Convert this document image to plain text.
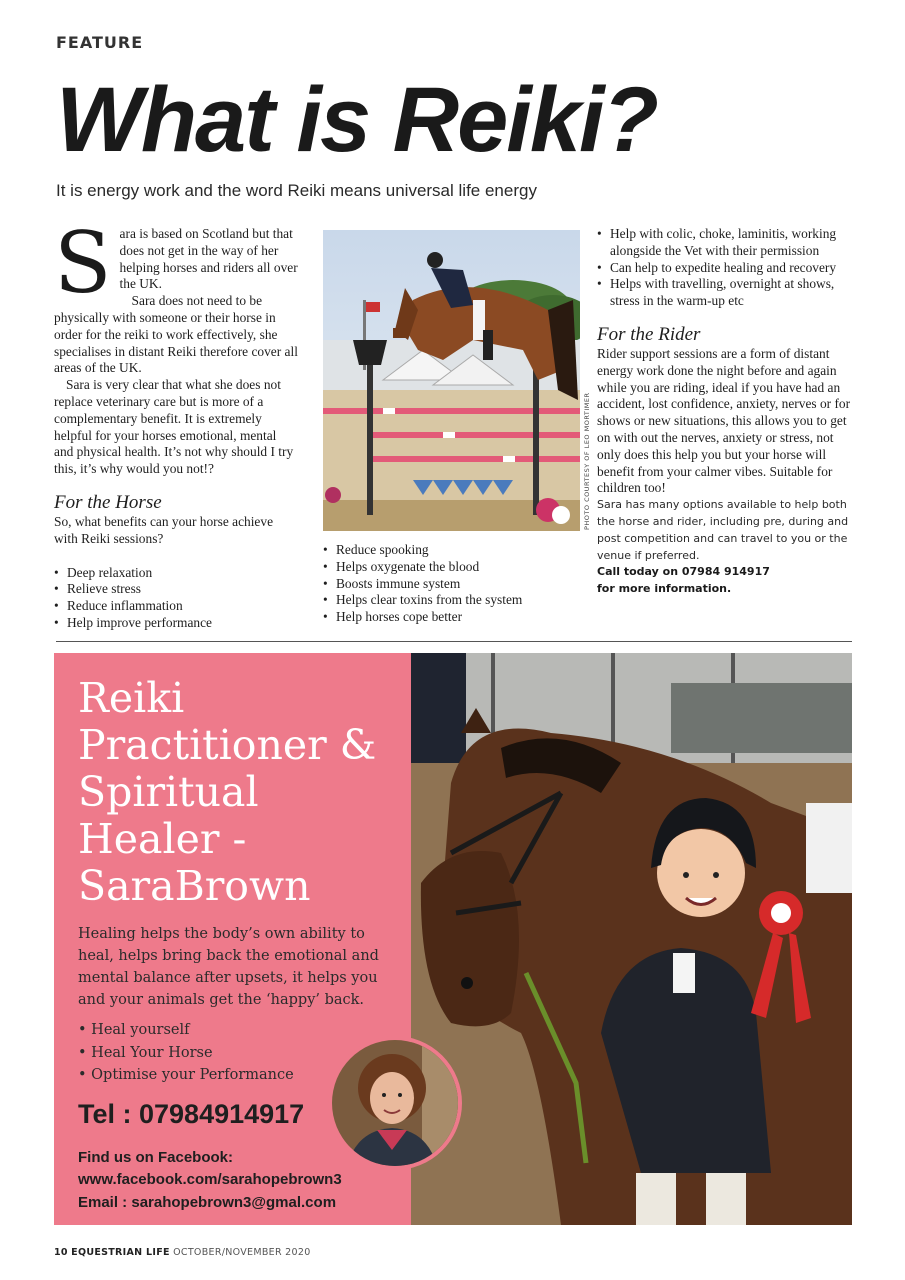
FEATURE
What is Reiki?
It is energy work and the word Reiki means universal life energy

Sara is based on Scotland but that does not get in the way of her helping horses and riders all over the UK.

Sara does not need to be physically with someone or their horse in order for the reiki to work effectively, she specialises in distant Reiki therefore cover all areas of the UK.

Sara is very clear that what she does not replace veterinary care but is more of a complementary benefit. It is extremely helpful for your horses emotional, mental and physical health. It’s not why should I try this, it’s why would you not!?

For the Horse

So, what benefits can your horse achieve with Reiki sessions?

• Deep relaxation
• Relieve stress
• Reduce inflammation
• Help improve performance
PHOTO COURTESY OF LEO MORTIMER
• Reduce spooking
• Helps oxygenate the blood
• Boosts immune system
• Helps clear toxins from the system
• Help horses cope better
• Help with colic, choke, laminitis, working alongside the Vet with their permission
• Can help to expedite healing and recovery
• Helps with travelling, overnight at shows, stress in the warm-up etc
For the Rider

Rider support sessions are a form of distant energy work done the night before and again while you are riding, ideal if you have had an accident, lost confidence, anxiety, nerves or for shows or new situations, this allows you to get on with out the nerves, anxiety or stress, not only does this help you but your horse will benefit from your calmer vibes. Suitable for children too!

Sara has many options available to help both the horse and rider, including pre, during and post competition and can travel to you or the venue if preferred.

Call today on 07984 914917

for more information.

Reiki Practitioner & Spiritual Healer - SaraBrown
Healing helps the body’s own ability to heal, helps bring back the emotional and mental balance after upsets, it helps you and your animals get the ‘happy’ back.
• Heal yourself
• Heal Your Horse
• Optimise your Performance
Tel : 07984914917
Find us on Facebook:
www.facebook.com/sarahopebrown3
Email : sarahopebrown3@gmal.com
10 EQUESTRIAN LIFE OCTOBER/NOVEMBER 2020
